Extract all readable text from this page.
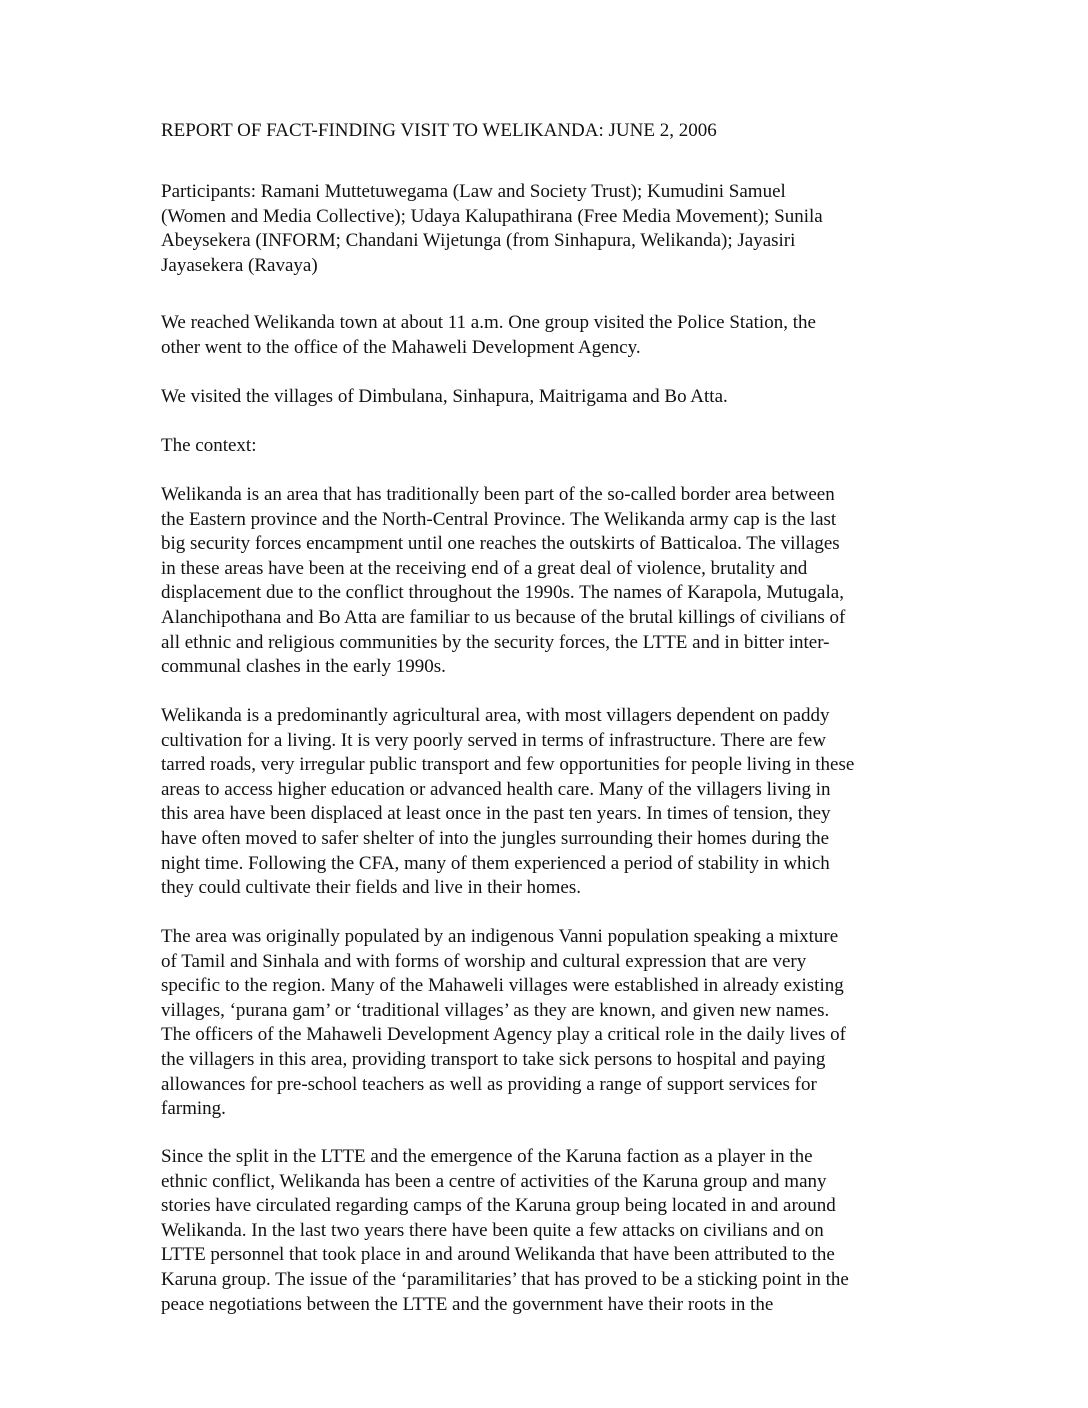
REPORT OF FACT-FINDING VISIT TO WELIKANDA: JUNE 2, 2006
Participants: Ramani Muttetuwegama (Law and Society Trust); Kumudini Samuel
(Women and Media Collective); Udaya Kalupathirana (Free Media Movement); Sunila
Abeysekera (INFORM; Chandani Wijetunga (from Sinhapura, Welikanda); Jayasiri
Jayasekera (Ravaya)
We reached Welikanda town at about 11 a.m. One group visited the Police Station, the
other went to the office of the Mahaweli Development Agency.
We visited the villages of Dimbulana, Sinhapura, Maitrigama and Bo Atta.
The context:
Welikanda is an area that has traditionally been part of the so-called border area between
the Eastern province and the North-Central Province. The Welikanda army cap is the last
big security forces encampment until one reaches the outskirts of Batticaloa. The villages
in these areas have been at the receiving end of a great deal of violence, brutality and
displacement due to the conflict throughout the 1990s. The names of Karapola, Mutugala,
Alanchipothana and Bo Atta are familiar to us because of the brutal killings of civilians of
all ethnic and religious communities by the security forces, the LTTE and in bitter inter-
communal clashes in the early 1990s.
Welikanda is a predominantly agricultural area, with most villagers dependent on paddy
cultivation for a living. It is very poorly served in terms of infrastructure. There are few
tarred roads, very irregular public transport and few opportunities for people living in these
areas to access higher education or advanced health care. Many of the villagers living in
this area have been displaced at least once in the past ten years. In times of tension, they
have often moved to safer shelter of into the jungles surrounding their homes during the
night time. Following the CFA, many of them experienced a period of stability in which
they could cultivate their fields and live in their homes.
The area was originally populated by an indigenous Vanni population speaking a mixture
of Tamil and Sinhala and with forms of worship and cultural expression that are very
specific to the region. Many of the Mahaweli villages were established in already existing
villages, ‘purana gam’ or ‘traditional villages’ as they are known, and given new names.
The officers of the Mahaweli Development Agency play a critical role in the daily lives of
the villagers in this area, providing transport to take sick persons to hospital and paying
allowances for pre-school teachers as well as providing a range of support services for
farming.
Since the split in the LTTE and the emergence of the Karuna faction as a player in the
ethnic conflict, Welikanda has been a centre of activities of the Karuna group and many
stories have circulated regarding camps of the Karuna group being located in and around
Welikanda. In the last two years there have been quite a few attacks on civilians and on
LTTE personnel that took place in and around Welikanda that have been attributed to the
Karuna group. The issue of the ‘paramilitaries’ that has proved to be a sticking point in the
peace negotiations between the LTTE and the government have their roots in the
